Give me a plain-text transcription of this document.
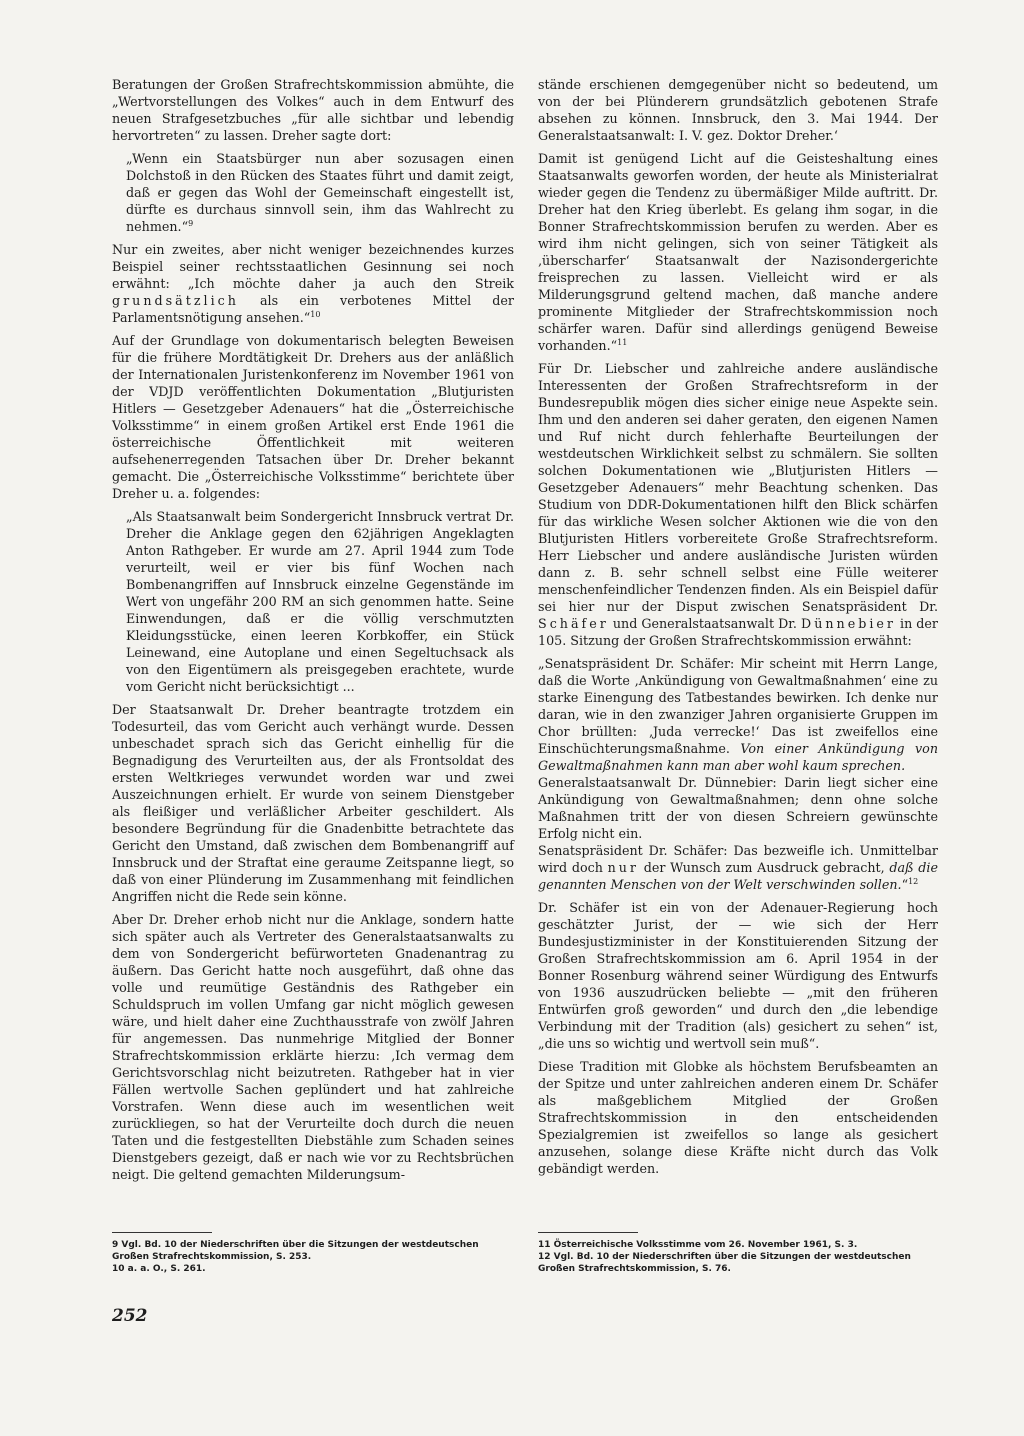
Beratungen der Großen Strafrechtskommission abmühte, die „Wertvorstellungen des Volkes“ auch in dem Entwurf des neuen Strafgesetzbuches „für alle sichtbar und lebendig hervortreten“ zu lassen. Dreher sagte dort:

„Wenn ein Staatsbürger nun aber sozusagen einen Dolchstoß in den Rücken des Staates führt und damit zeigt, daß er gegen das Wohl der Gemeinschaft eingestellt ist, dürfte es durchaus sinnvoll sein, ihm das Wahlrecht zu nehmen.“$^9$

Nur ein zweites, aber nicht weniger bezeichnendes kurzes Beispiel seiner rechtsstaatlichen Gesinnung sei noch erwähnt: „Ich möchte daher ja auch den Streik grundsätzlich als ein verbotenes Mittel der Parlamentsnötigung ansehen.“$^{10}$

Auf der Grundlage von dokumentarisch belegten Beweisen für die frühere Mordtätigkeit Dr. Drehers aus der anläßlich der Internationalen Juristenkonferenz im November 1961 von der VDJD veröffentlichten Dokumentation „Blutjuristen Hitlers — Gesetzgeber Adenauers“ hat die „Österreichische Volksstimme“ in einem großen Artikel erst Ende 1961 die österreichische Öffentlichkeit mit weiteren aufsehenerregenden Tatsachen über Dr. Dreher bekannt gemacht. Die „Österreichische Volksstimme“ berichtete über Dreher u. a. folgendes:

„Als Staatsanwalt beim Sondergericht Innsbruck vertrat Dr. Dreher die Anklage gegen den 62jährigen Angeklagten Anton Rathgeber. Er wurde am 27. April 1944 zum Tode verurteilt, weil er vier bis fünf Wochen nach Bombenangriffen auf Innsbruck einzelne Gegenstände im Wert von ungefähr 200 RM an sich genommen hatte. Seine Einwendungen, daß er die völlig verschmutzten Kleidungsstücke, einen leeren Korbkoffer, ein Stück Leinewand, eine Autoplane und einen Segeltuchsack als von den Eigentümern als preisgegeben erachtete, wurde vom Gericht nicht berücksichtigt ...

Der Staatsanwalt Dr. Dreher beantragte trotzdem ein Todesurteil, das vom Gericht auch verhängt wurde. Dessen unbeschadet sprach sich das Gericht einhellig für die Begnadigung des Verurteilten aus, der als Frontsoldat des ersten Weltkrieges verwundet worden war und zwei Auszeichnungen erhielt. Er wurde von seinem Dienstgeber als fleißiger und verläßlicher Arbeiter geschildert. Als besondere Begründung für die Gnadenbitte betrachtete das Gericht den Umstand, daß zwischen dem Bombenangriff auf Innsbruck und der Straftat eine geraume Zeitspanne liegt, so daß von einer Plünderung im Zusammenhang mit feindlichen Angriffen nicht die Rede sein könne.

Aber Dr. Dreher erhob nicht nur die Anklage, sondern hatte sich später auch als Vertreter des Generalstaatsanwalts zu dem von Sondergericht befürworteten Gnadenantrag zu äußern. Das Gericht hatte noch ausgeführt, daß ohne das volle und reumütige Geständnis des Rathgeber ein Schuldspruch im vollen Umfang gar nicht möglich gewesen wäre, und hielt daher eine Zuchthausstrafe von zwölf Jahren für angemessen. Das nunmehrige Mitglied der Bonner Strafrechtskommission erklärte hierzu: ‚Ich vermag dem Gerichtsvorschlag nicht beizutreten. Rathgeber hat in vier Fällen wertvolle Sachen geplündert und hat zahlreiche Vorstrafen. Wenn diese auch im wesentlichen weit zurückliegen, so hat der Verurteilte doch durch die neuen Taten und die festgestellten Diebstähle zum Schaden seines Dienstgebers gezeigt, daß er nach wie vor zu Rechtsbrüchen neigt. Die geltend gemachten Milderungsum-

stände erschienen demgegenüber nicht so bedeutend, um von der bei Plünderern grundsätzlich gebotenen Strafe absehen zu können. Innsbruck, den 3. Mai 1944. Der Generalstaatsanwalt: I. V. gez. Doktor Dreher.‘

Damit ist genügend Licht auf die Geisteshaltung eines Staatsanwalts geworfen worden, der heute als Ministerialrat wieder gegen die Tendenz zu übermäßiger Milde auftritt. Dr. Dreher hat den Krieg überlebt. Es gelang ihm sogar, in die Bonner Strafrechtskommission berufen zu werden. Aber es wird ihm nicht gelingen, sich von seiner Tätigkeit als ‚überscharfer‘ Staatsanwalt der Nazisondergerichte freisprechen zu lassen. Vielleicht wird er als Milderungsgrund geltend machen, daß manche andere prominente Mitglieder der Strafrechtskommission noch schärfer waren. Dafür sind allerdings genügend Beweise vorhanden.“$^{11}$

Für Dr. Liebscher und zahlreiche andere ausländische Interessenten der Großen Strafrechtsreform in der Bundesrepublik mögen dies sicher einige neue Aspekte sein. Ihm und den anderen sei daher geraten, den eigenen Namen und Ruf nicht durch fehlerhafte Beurteilungen der westdeutschen Wirklichkeit selbst zu schmälern. Sie sollten solchen Dokumentationen wie „Blutjuristen Hitlers — Gesetzgeber Adenauers“ mehr Beachtung schenken. Das Studium von DDR-Dokumentationen hilft den Blick schärfen für das wirkliche Wesen solcher Aktionen wie die von den Blutjuristen Hitlers vorbereitete Große Strafrechtsreform. Herr Liebscher und andere ausländische Juristen würden dann z. B. sehr schnell selbst eine Fülle weiterer menschenfeindlicher Tendenzen finden. Als ein Beispiel dafür sei hier nur der Disput zwischen Senatspräsident Dr. Schäfer und Generalstaatsanwalt Dr. Dünnebier in der 105. Sitzung der Großen Strafrechtskommission erwähnt:

„Senatspräsident Dr. Schäfer: Mir scheint mit Herrn Lange, daß die Worte ‚Ankündigung von Gewaltmaßnahmen‘ eine zu starke Einengung des Tatbestandes bewirken. Ich denke nur daran, wie in den zwanziger Jahren organisierte Gruppen im Chor brüllten: ‚Juda verrecke!‘ Das ist zweifellos eine Einschüchterungsmaßnahme. Von einer Ankündigung von Gewaltmaßnahmen kann man aber wohl kaum sprechen.

Generalstaatsanwalt Dr. Dünnebier: Darin liegt sicher eine Ankündigung von Gewaltmaßnahmen; denn ohne solche Maßnahmen tritt der von diesen Schreiern gewünschte Erfolg nicht ein.

Senatspräsident Dr. Schäfer: Das bezweifle ich. Unmittelbar wird doch nur der Wunsch zum Ausdruck gebracht, daß die genannten Menschen von der Welt verschwinden sollen.“$^{12}$

Dr. Schäfer ist ein von der Adenauer-Regierung hoch geschätzter Jurist, der — wie sich der Herr Bundesjustizminister in der Konstituierenden Sitzung der Großen Strafrechtskommission am 6. April 1954 in der Bonner Rosenburg während seiner Würdigung des Entwurfs von 1936 auszudrücken beliebte — „mit den früheren Entwürfen groß geworden“ und durch den „die lebendige Verbindung mit der Tradition (als) gesichert zu sehen“ ist, „die uns so wichtig und wertvoll sein muß“.

Diese Tradition mit Globke als höchstem Berufsbeamten an der Spitze und unter zahlreichen anderen einem Dr. Schäfer als maßgeblichem Mitglied der Großen Strafrechtskommission in den entscheidenden Spezialgremien ist zweifellos so lange als gesichert anzusehen, solange diese Kräfte nicht durch das Volk gebändigt werden.

9 Vgl. Bd. 10 der Niederschriften über die Sitzungen der westdeutschen Großen Strafrechtskommission, S. 253.

10 a. a. O., S. 261.

11 Österreichische Volksstimme vom 26. November 1961, S. 3.

12 Vgl. Bd. 10 der Niederschriften über die Sitzungen der westdeutschen Großen Strafrechtskommission, S. 76.

252
